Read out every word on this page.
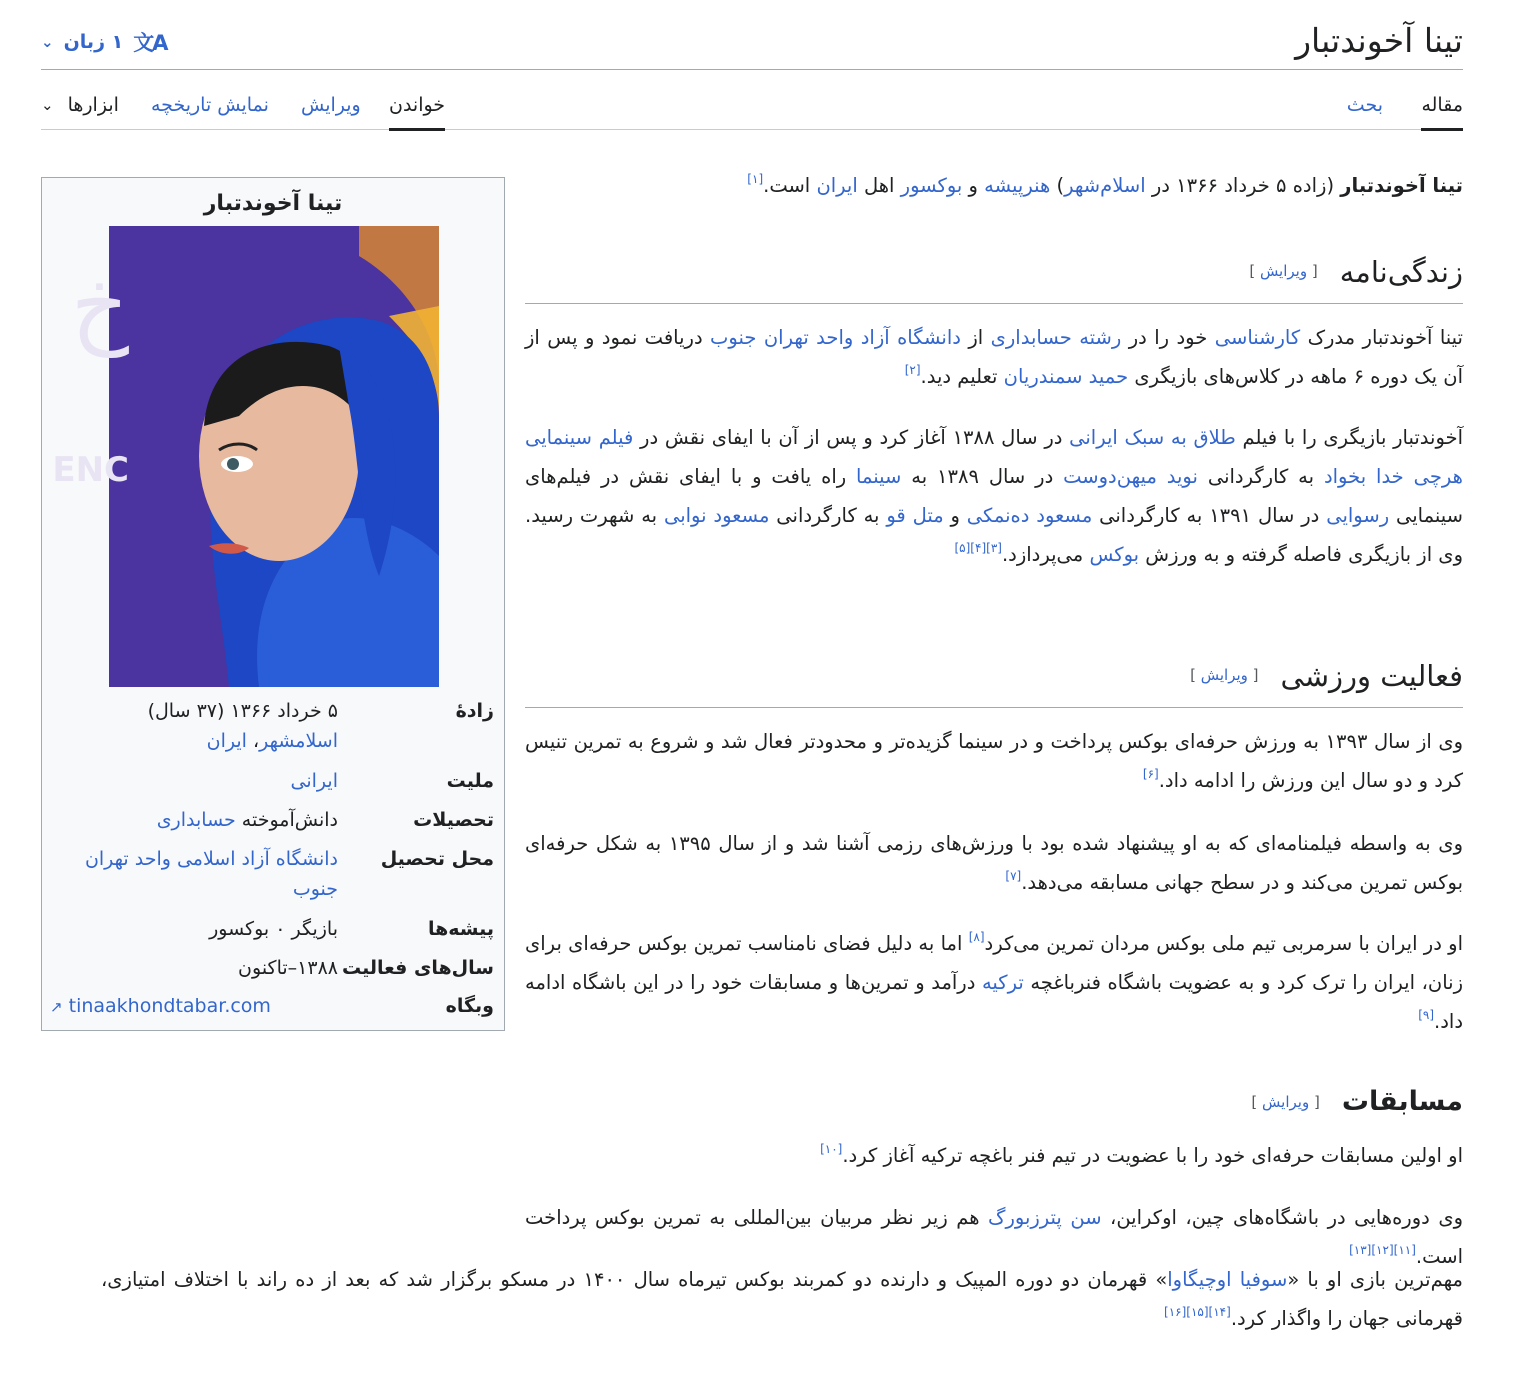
تینا آخوندتبار
⌄ ۱ زبان 文A
مقاله
بحث
خواندن
ویرایش
نمایش تاریخچه
ابزارها
⌄
تینا آخوندتبار
خ
ENC
زادهٔ
۵ خرداد ۱۳۶۶ (۳۷ سال)
اسلامشهر، ایران
ملیت
ایرانی
تحصیلات
دانش‌آموخته حسابداری
محل تحصیل
دانشگاه آزاد اسلامی واحد تهران جنوب
پیشه‌ها
بازیگر ۰ بوکسور
سال‌های فعالیت
۱۳۸۸–تاکنون
وبگاه
↗ tinaakhondtabar.com

تینا آخوندتبار (زاده ۵ خرداد ۱۳۶۶ در اسلام‌شهر) هنرپیشه و بوکسور اهل ایران است.[۱]

زندگی‌نامه
[ ویرایش ]

تینا آخوندتبار مدرک کارشناسی خود را در رشته حسابداری از دانشگاه آزاد واحد تهران جنوب دریافت نمود و پس از آن یک دوره ۶ ماهه در کلاس‌های بازیگری حمید سمندریان تعلیم دید.[۲]

آخوندتبار بازیگری را با فیلم طلاق به سبک ایرانی در سال ۱۳۸۸ آغاز کرد و پس از آن با ایفای نقش در فیلم سینمایی هرچی خدا بخواد به کارگردانی نوید میهن‌دوست در سال ۱۳۸۹ به سینما راه یافت و با ایفای نقش در فیلم‌های سینمایی رسوایی در سال ۱۳۹۱ به کارگردانی مسعود ده‌نمکی و متل قو به کارگردانی مسعود نوابی به شهرت رسید. وی از بازیگری فاصله گرفته و به ورزش بوکس می‌پردازد.[۳][۴][۵]

فعالیت ورزشی
[ ویرایش ]

وی از سال ۱۳۹۳ به ورزش حرفه‌ای بوکس پرداخت و در سینما گزیده‌تر و محدودتر فعال شد و شروع به تمرین تنیس کرد و دو سال این ورزش را ادامه داد.[۶]

وی به واسطه فیلمنامه‌ای که به او پیشنهاد شده بود با ورزش‌های رزمی آشنا شد و از سال ۱۳۹۵ به شکل حرفه‌ای بوکس تمرین می‌کند و در سطح جهانی مسابقه می‌دهد.[۷]

او در ایران با سرمربی تیم ملی بوکس مردان تمرین می‌کرد[۸] اما به دلیل فضای نامناسب تمرین بوکس حرفه‌ای برای زنان، ایران را ترک کرد و به عضویت باشگاه فنرباغچه ترکیه درآمد و تمرین‌ها و مسابقات خود را در این باشگاه ادامه داد.[۹]

مسابقات
[ ویرایش ]

او اولین مسابقات حرفه‌ای خود را با عضویت در تیم فنر باغچه ترکیه آغاز کرد.[۱۰]

وی دوره‌هایی در باشگاه‌های چین، اوکراین، سن پترزبورگ هم زیر نظر مربیان بین‌المللی به تمرین بوکس پرداخت است.[۱۱][۱۲][۱۳]

مهم‌ترین بازی او با «سوفیا اوچیگاوا» قهرمان دو دوره المپیک و دارنده دو کمربند بوکس تیرماه سال ۱۴۰۰ در مسکو برگزار شد که بعد از ده راند با اختلاف امتیازی، قهرمانی جهان را واگذار کرد.[۱۴][۱۵][۱۶]
